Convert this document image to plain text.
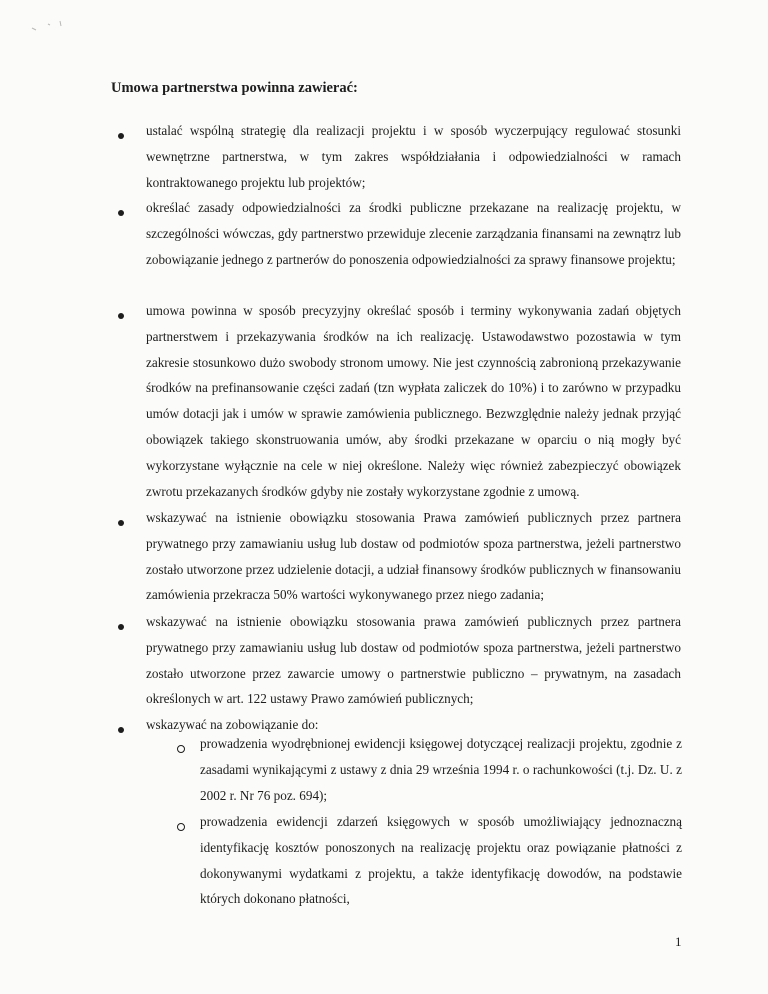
Umowa partnerstwa powinna zawierać:
ustalać wspólną strategię dla realizacji projektu i w sposób wyczerpujący regulować stosunki wewnętrzne partnerstwa, w tym zakres współdziałania i odpowiedzialności w ramach kontraktowanego projektu lub projektów;
określać zasady odpowiedzialności za środki publiczne przekazane na realizację projektu, w szczególności wówczas, gdy partnerstwo przewiduje zlecenie zarządzania finansami na zewnątrz lub zobowiązanie jednego z partnerów do ponoszenia odpowiedzialności za sprawy finansowe projektu;
umowa powinna w sposób precyzyjny określać sposób i terminy wykonywania zadań objętych partnerstwem i przekazywania środków na ich realizację. Ustawodawstwo pozostawia w tym zakresie stosunkowo dużo swobody stronom umowy. Nie jest czynnością zabronioną przekazywanie środków na prefinansowanie części zadań (tzn wypłata zaliczek do 10%) i to zarówno w przypadku umów dotacji jak i umów w sprawie zamówienia publicznego. Bezwzględnie należy jednak przyjąć obowiązek takiego skonstruowania umów, aby środki przekazane w oparciu o nią mogły być wykorzystane wyłącznie na cele w niej określone. Należy więc również zabezpieczyć obowiązek zwrotu przekazanych środków gdyby nie zostały wykorzystane zgodnie z umową.
wskazywać na istnienie obowiązku stosowania Prawa zamówień publicznych przez partnera prywatnego przy zamawianiu usług lub dostaw od podmiotów spoza partnerstwa, jeżeli partnerstwo zostało utworzone przez udzielenie dotacji, a udział finansowy środków publicznych w finansowaniu zamówienia przekracza 50% wartości wykonywanego przez niego zadania;
wskazywać na istnienie obowiązku stosowania prawa zamówień publicznych przez partnera prywatnego przy zamawianiu usług lub dostaw od podmiotów spoza partnerstwa, jeżeli partnerstwo zostało utworzone przez zawarcie umowy o partnerstwie publiczno – prywatnym, na zasadach określonych w art. 122 ustawy Prawo zamówień publicznych;
wskazywać na zobowiązanie do:
prowadzenia wyodrębnionej ewidencji księgowej dotyczącej realizacji projektu, zgodnie z zasadami wynikającymi z ustawy z dnia 29 września 1994 r. o rachunkowości (t.j. Dz. U. z 2002 r. Nr 76 poz. 694);
prowadzenia ewidencji zdarzeń księgowych w sposób umożliwiający jednoznaczną identyfikację kosztów ponoszonych na realizację projektu oraz powiązanie płatności z dokonywanymi wydatkami z projektu, a także identyfikację dowodów, na podstawie których dokonano płatności,
1
